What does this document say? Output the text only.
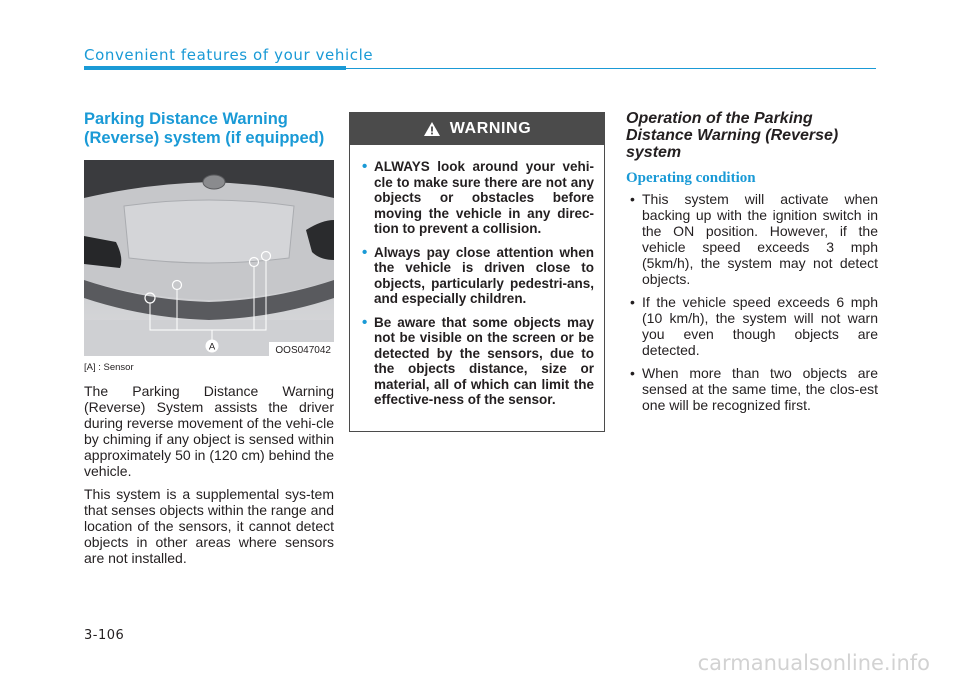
Convenient features of your vehicle
Parking Distance Warning (Reverse) system (if equipped)
A	OOS047042
[A] : Sensor

The Parking Distance Warning (Reverse) System assists the driver during reverse movement of the vehi-cle by chiming if any object is sensed within approximately 50 in (120 cm) behind the vehicle.

This system is a supplemental sys-tem that senses objects within the range and location of the sensors, it cannot detect objects in other areas where sensors are not installed.

WARNING
• ALWAYS look around your vehi-cle to make sure there are not any objects or obstacles before moving the vehicle in any direc-tion to prevent a collision.
• Always pay close attention when the vehicle is driven close to objects, particularly pedestri-ans, and especially children.
• Be aware that some objects may not be visible on the screen or be detected by the sensors, due to the objects distance, size or material, all of which can limit the effective-ness of the sensor.
Operation of the Parking Distance Warning (Reverse) system
Operating condition
• This system will activate when backing up with the ignition switch in the ON position. However, if the vehicle speed exceeds 3 mph (5km/h), the system may not detect objects.
• If the vehicle speed exceeds 6 mph (10 km/h), the system will not warn you even though objects are detected.
• When more than two objects are sensed at the same time, the clos-est one will be recognized first.
3-106
carmanualsonline.info
